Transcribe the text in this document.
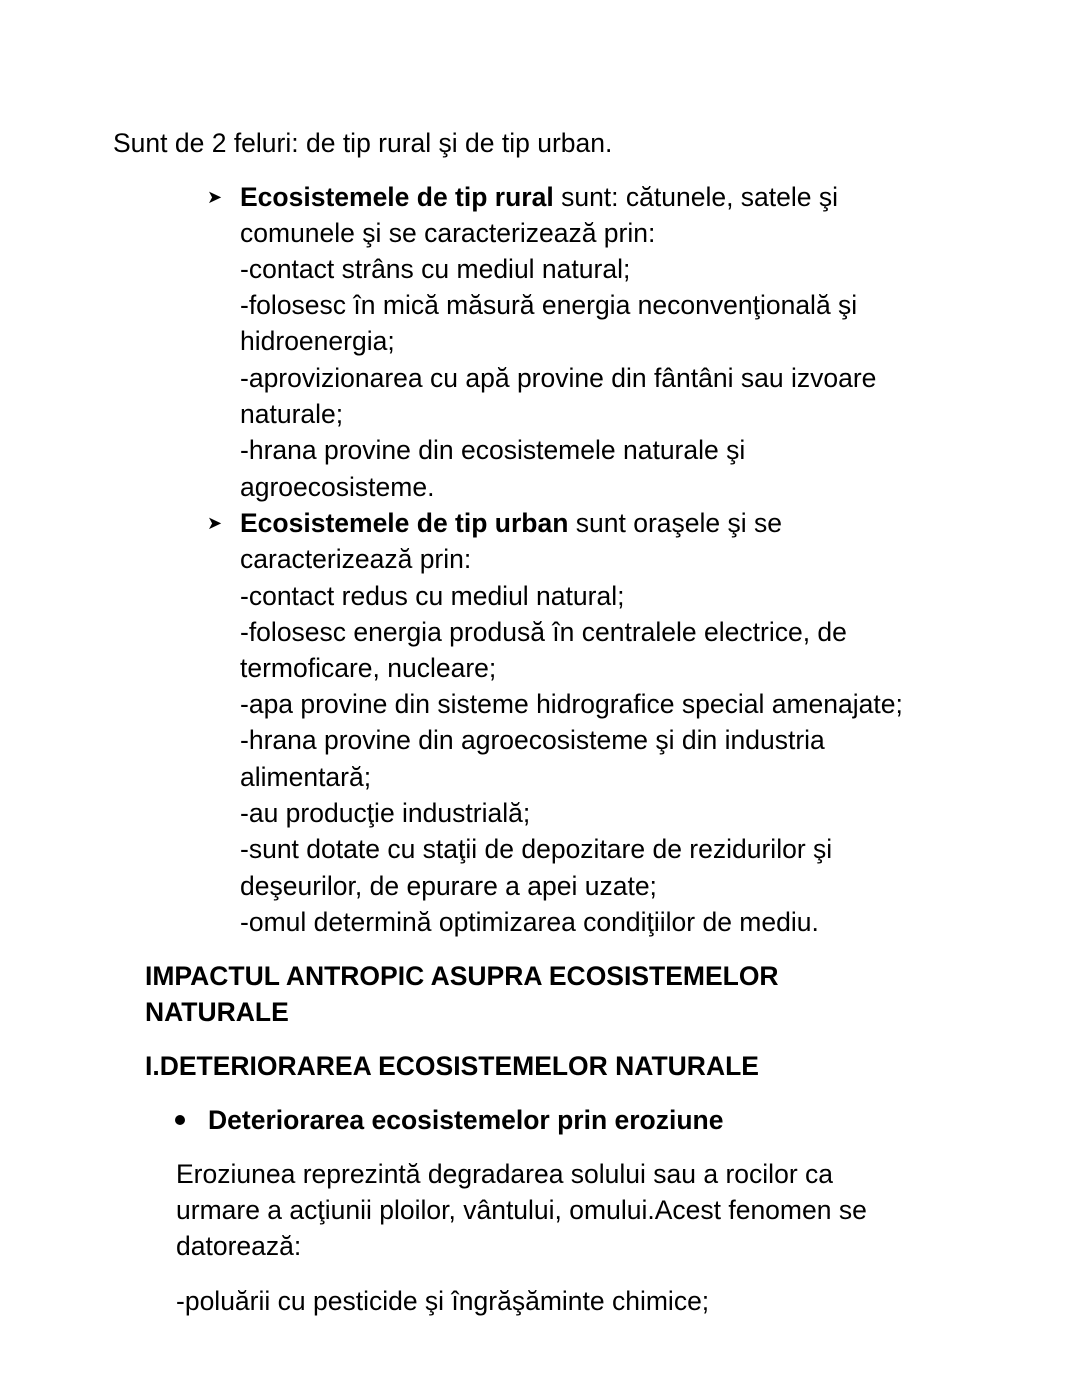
Sunt de 2 feluri: de tip rural şi de tip urban.
➤ Ecosistemele de tip rural sunt: cătunele, satele şi
comunele şi se caracterizează prin:
-contact strâns cu mediul natural;
-folosesc în mică măsură energia neconvenţională şi
hidroenergia;
-aprovizionarea cu apă provine din fântâni sau izvoare
naturale;
-hrana provine din ecosistemele naturale şi
agroecosisteme.
➤ Ecosistemele de tip urban sunt oraşele şi se
caracterizează prin:
-contact redus cu mediul natural;
-folosesc energia produsă în centralele electrice, de
termoficare, nucleare;
-apa provine din sisteme hidrografice special amenajate;
-hrana provine din agroecosisteme şi din industria
alimentară;
-au producţie industrială;
-sunt dotate cu staţii de depozitare de rezidurilor şi
deşeurilor, de epurare a apei uzate;
-omul determină optimizarea condiţiilor de mediu.
IMPACTUL ANTROPIC ASUPRA ECOSISTEMELOR
NATURALE
I.DETERIORAREA ECOSISTEMELOR NATURALE
Deteriorarea ecosistemelor prin eroziune
Eroziunea reprezintă degradarea solului sau a rocilor ca
urmare a acţiunii ploilor, vântului, omului.Acest fenomen se
datorează:
-poluării cu pesticide şi îngrăşăminte chimice;
